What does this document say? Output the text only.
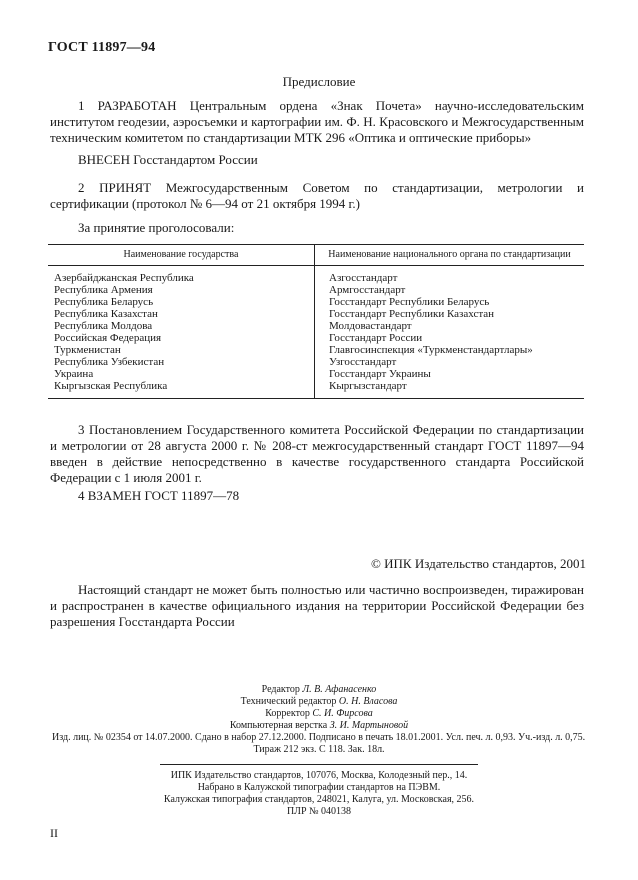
ГОСТ 11897—94
Предисловие
1 РАЗРАБОТАН Центральным ордена «Знак Почета» научно-исследовательским институтом геодезии, аэросъемки и картографии им. Ф. Н. Красовского и Межгосударственным техническим комитетом по стандартизации МТК 296 «Оптика и оптические приборы»
ВНЕСЕН Госстандартом России
2 ПРИНЯТ Межгосударственным Советом по стандартизации, метрологии и сертификации (протокол № 6—94 от 21 октября 1994 г.)
За принятие проголосовали:
Наименование государства	Наименование национального органа по стандартизации

Азербайджанская Республика	Азгосстандарт
Республика Армения	Армгосстандарт
Республика Беларусь	Госстандарт Республики Беларусь
Республика Казахстан	Госстандарт Республики Казахстан
Республика Молдова	Молдовастандарт
Российская Федерация	Госстандарт России
Туркменистан	Главгосинспекция «Туркменстандартлары»
Республика Узбекистан	Узгосстандарт
Украина	Госстандарт Украины
Кыргызская Республика	Кыргызстандарт
3 Постановлением Государственного комитета Российской Федерации по стандартизации и метрологии от 28 августа 2000 г. № 208-ст межгосударственный стандарт ГОСТ 11897—94 введен в действие непосредственно в качестве государственного стандарта Российской Федерации с 1 июля 2001 г.
4 ВЗАМЕН ГОСТ 11897—78
© ИПК Издательство стандартов, 2001
Настоящий стандарт не может быть полностью или частично воспроизведен, тиражирован и распространен в качестве официального издания на территории Российской Федерации без разрешения Госстандарта России
Редактор Л. В. Афанасенко
Технический редактор О. Н. Власова
Корректор С. И. Фирсова
Компьютерная верстка З. И. Мартыновой
Изд. лиц. № 02354 от 14.07.2000. Сдано в набор 27.12.2000. Подписано в печать 18.01.2001. Усл. печ. л. 0,93. Уч.-изд. л. 0,75.
Тираж 212 экз. С 118. Зак. 18л.
ИПК Издательство стандартов, 107076, Москва, Колодезный пер., 14.
Набрано в Калужской типографии стандартов на ПЭВМ.
Калужская типография стандартов, 248021, Калуга, ул. Московская, 256.
ПЛР № 040138
II
